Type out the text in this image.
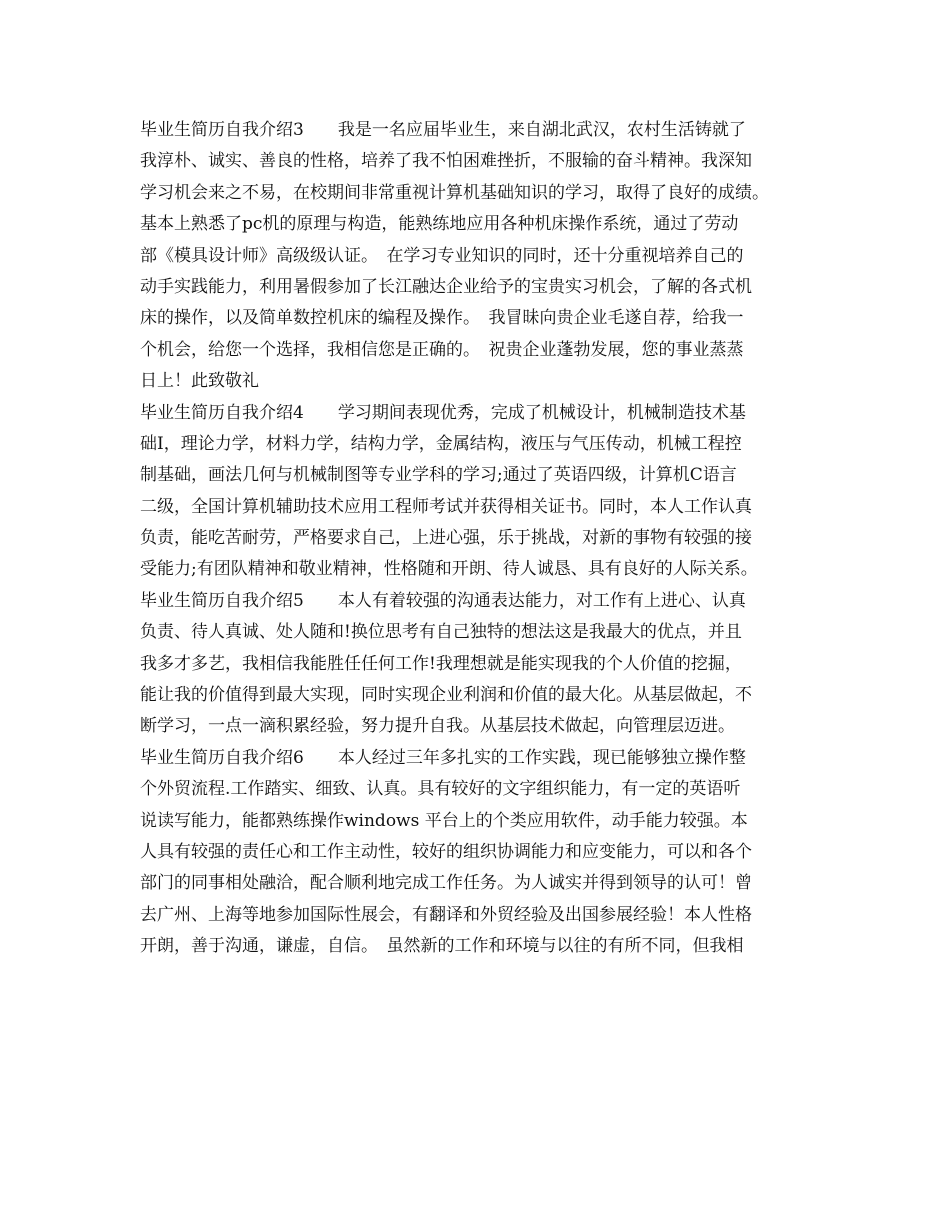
毕业生简历自我介绍3　　我是一名应届毕业生，来自湖北武汉，农村生活铸就了
我淳朴、诚实、善良的性格，培养了我不怕困难挫折，不服输的奋斗精神。我深知
学习机会来之不易，在校期间非常重视计算机基础知识的学习，取得了良好的成绩。
基本上熟悉了pc机的原理与构造，能熟练地应用各种机床操作系统，通过了劳动
部《模具设计师》高级级认证。　在学习专业知识的同时，还十分重视培养自己的
动手实践能力，利用暑假参加了长江融达企业给予的宝贵实习机会，了解的各式机
床的操作，以及简单数控机床的编程及操作。　我冒昧向贵企业毛遂自荐，给我一
个机会，给您一个选择，我相信您是正确的。　祝贵企业蓬勃发展，您的事业蒸蒸
日上！此致敬礼
毕业生简历自我介绍4　　学习期间表现优秀，完成了机械设计，机械制造技术基
础Ⅰ，理论力学，材料力学，结构力学，金属结构，液压与气压传动，机械工程控
制基础，画法几何与机械制图等专业学科的学习;通过了英语四级，计算机C语言
二级，全国计算机辅助技术应用工程师考试并获得相关证书。同时，本人工作认真
负责，能吃苦耐劳，严格要求自己，上进心强，乐于挑战，对新的事物有较强的接
受能力;有团队精神和敬业精神，性格随和开朗、待人诚恳、具有良好的人际关系。
毕业生简历自我介绍5　　本人有着较强的沟通表达能力，对工作有上进心、认真
负责、待人真诚、处人随和!换位思考有自己独特的想法这是我最大的优点，并且
我多才多艺，我相信我能胜任任何工作!我理想就是能实现我的个人价值的挖掘，
能让我的价值得到最大实现，同时实现企业利润和价值的最大化。从基层做起，不
断学习，一点一滴积累经验，努力提升自我。从基层技术做起，向管理层迈进。
毕业生简历自我介绍6　　本人经过三年多扎实的工作实践，现已能够独立操作整
个外贸流程.工作踏实、细致、认真。具有较好的文字组织能力，有一定的英语听
说读写能力，能都熟练操作windows 平台上的个类应用软件，动手能力较强。本
人具有较强的责任心和工作主动性，较好的组织协调能力和应变能力，可以和各个
部门的同事相处融洽，配合顺利地完成工作任务。为人诚实并得到领导的认可！曾
去广州、上海等地参加国际性展会，有翻译和外贸经验及出国参展经验！本人性格
开朗，善于沟通，谦虚，自信。　虽然新的工作和环境与以往的有所不同，但我相
